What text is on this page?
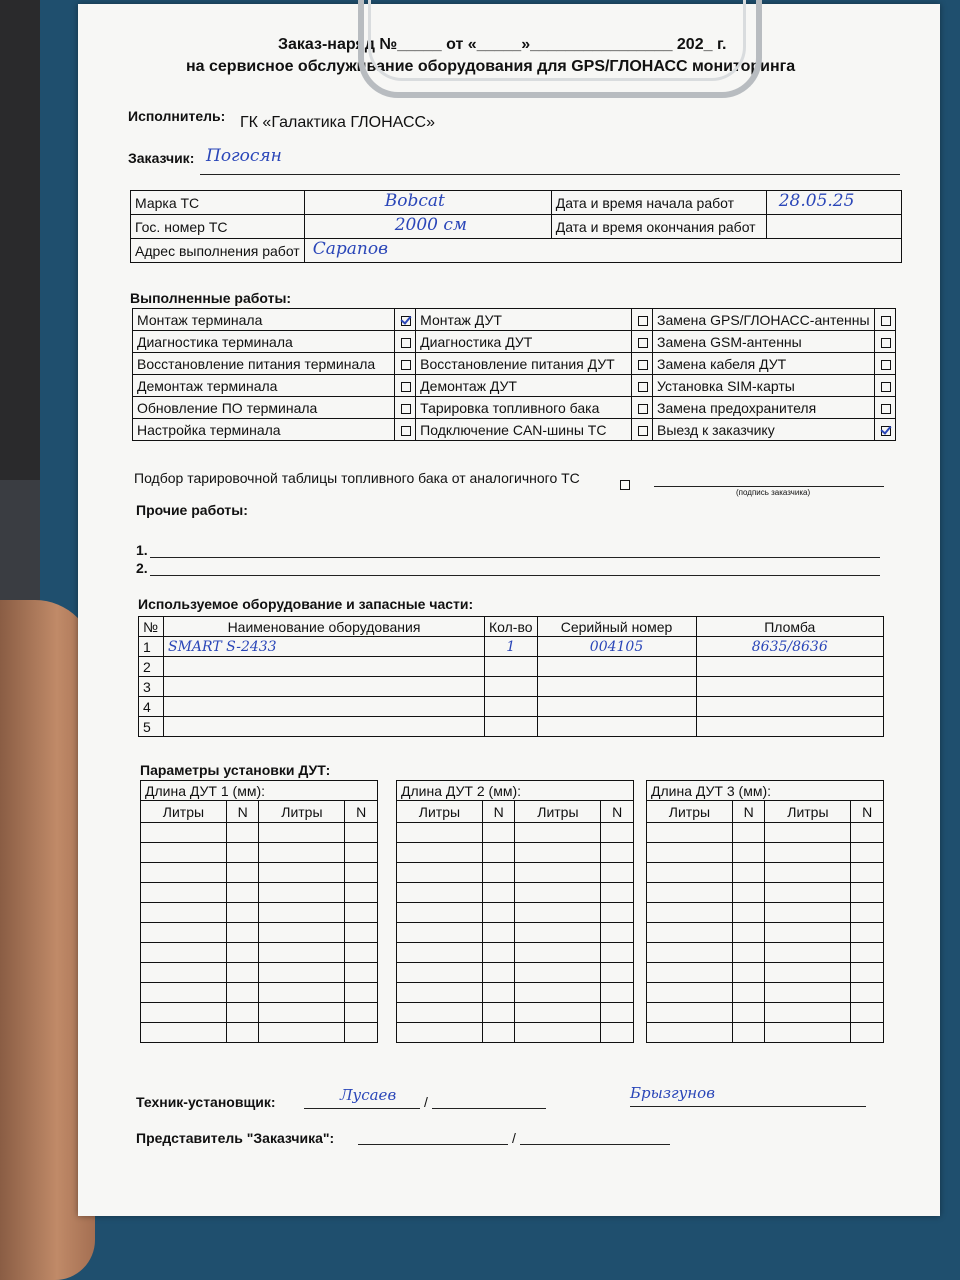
Заказ-наряд №_____ от «_____»________________ 202_ г.
на сервисное обслуживание оборудования для GPS/ГЛОНАСС мониторинга
Исполнитель: ГК «Галактика ГЛОНАСС»
Заказчик: Погосян
Марка ТС	Bobcat	Дата и время начала работ	28.05.25

Гос. номер ТС	2000 см	Дата и время окончания работ	
Адрес выполнения работ	Сарапов		
Выполненные работы:
Монтаж терминала		Монтаж ДУТ		Замена GPS/ГЛОНАСС-антенны	
Диагностика терминала		Диагностика ДУТ		Замена GSM-антенны	
Восстановление питания терминала		Восстановление питания ДУТ		Замена кабеля ДУТ	
Демонтаж терминала		Демонтаж ДУТ		Установка SIM-карты	
Обновление ПО терминала		Тарировка топливного бака		Замена предохранителя	
Настройка терминала		Подключение CAN-шины ТС		Выезд к заказчику	
Подбор тарировочной таблицы топливного бака от аналогичного ТС
(подпись заказчика)
Прочие работы:
1.
2.
Используемое оборудование и запасные части:
№	Наименование оборудования	Кол-во	Серийный номер	Пломба
1	SMART S-2433	1	004105	8635/8636
2				
3				
4				
5				
Параметры установки ДУТ:
Длина ДУТ 1 (мм):			
Литры	N	Литры	N

Длина ДУТ 2 (мм):			
Литры	N	Литры	N

Длина ДУТ 3 (мм):			
Литры	N	Литры	N

Техник-установщик:	Лусаев /	Брызгунов
Представитель "Заказчика":	/
